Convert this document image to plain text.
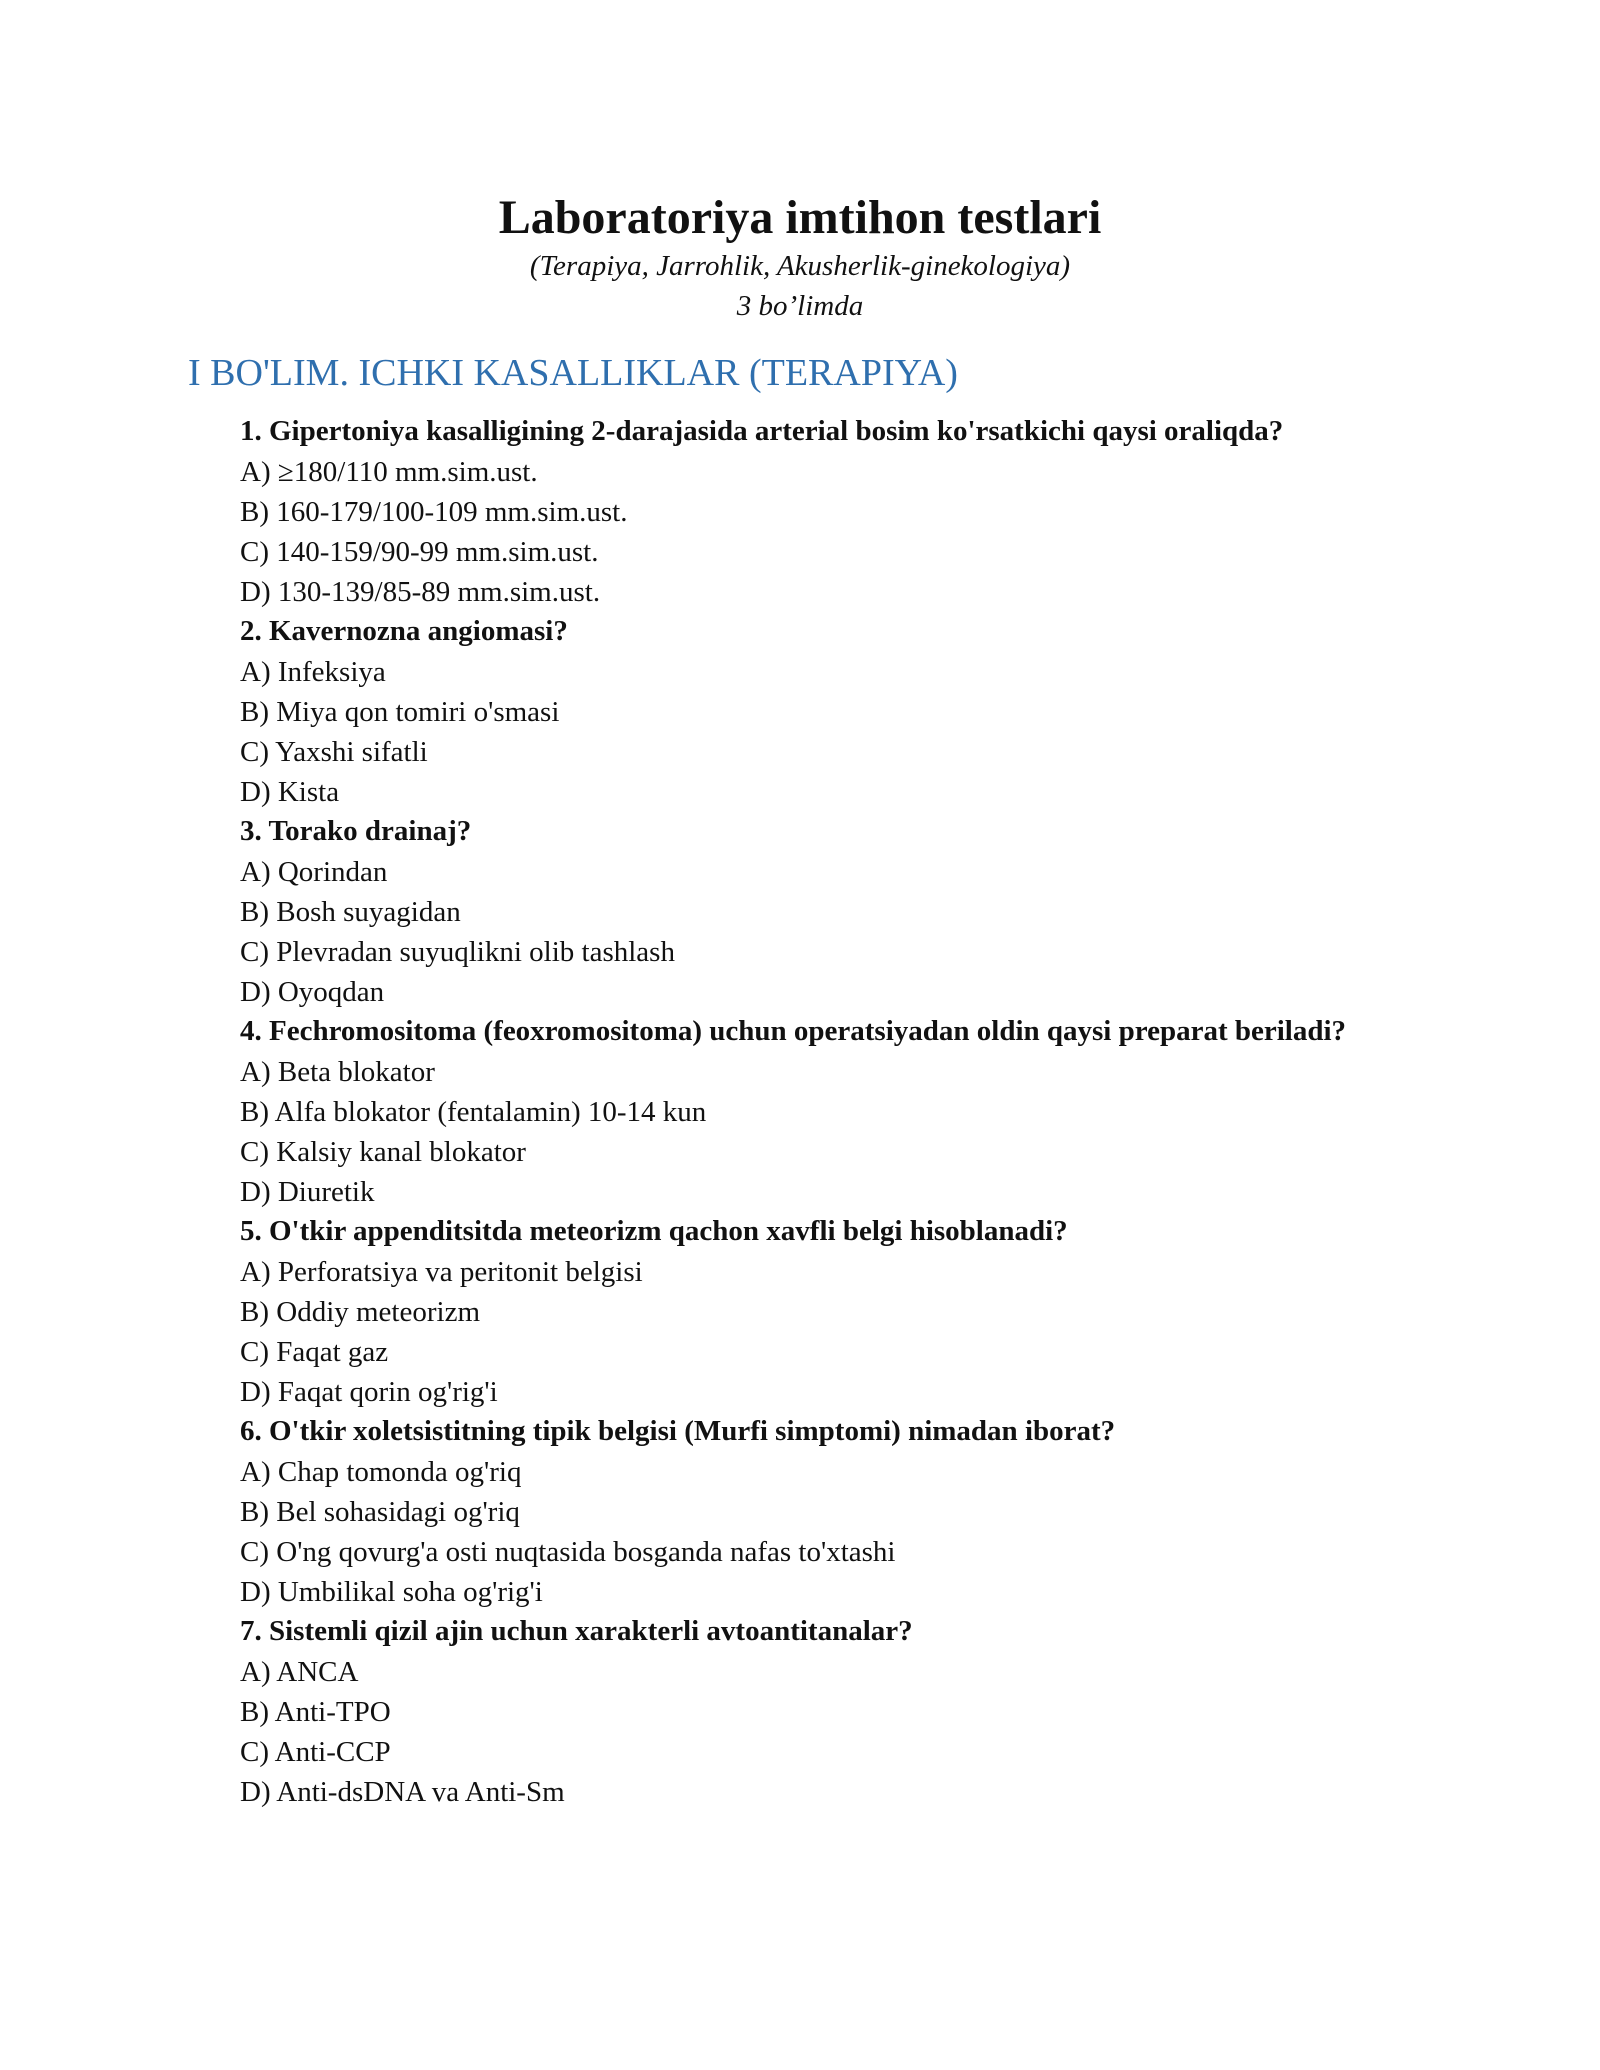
Laboratoriya imtihon testlari

(Terapiya, Jarrohlik, Akusherlik-ginekologiya)

3 bo’limda

I BO'LIM. ICHKI KASALLIKLAR (TERAPIYA)

1. Gipertoniya kasalligining 2-darajasida arterial bosim ko'rsatkichi qaysi oraliqda?

A) ≥180/110 mm.sim.ust.

B) 160-179/100-109 mm.sim.ust.

C) 140-159/90-99 mm.sim.ust.

D) 130-139/85-89 mm.sim.ust.

2. Kavernozna angiomasi?

A) Infeksiya

B) Miya qon tomiri o'smasi

C) Yaxshi sifatli

D) Kista

3. Torako drainaj?

A) Qorindan

B) Bosh suyagidan

C) Plevradan suyuqlikni olib tashlash

D) Oyoqdan

4. Fechromositoma (feoxromositoma) uchun operatsiyadan oldin qaysi preparat beriladi?

A) Beta blokator

B) Alfa blokator (fentalamin) 10-14 kun

C) Kalsiy kanal blokator

D) Diuretik

5. O'tkir appenditsitda meteorizm qachon xavfli belgi hisoblanadi?

A) Perforatsiya va peritonit belgisi

B) Oddiy meteorizm

C) Faqat gaz

D) Faqat qorin og'rig'i

6. O'tkir xoletsistitning tipik belgisi (Murfi simptomi) nimadan iborat?

A) Chap tomonda og'riq

B) Bel sohasidagi og'riq

C) O'ng qovurg'a osti nuqtasida bosganda nafas to'xtashi

D) Umbilikal soha og'rig'i

7. Sistemli qizil ajin uchun xarakterli avtoantitanalar?

A) ANCA

B) Anti-TPO

C) Anti-CCP

D) Anti-dsDNA va Anti-Sm
